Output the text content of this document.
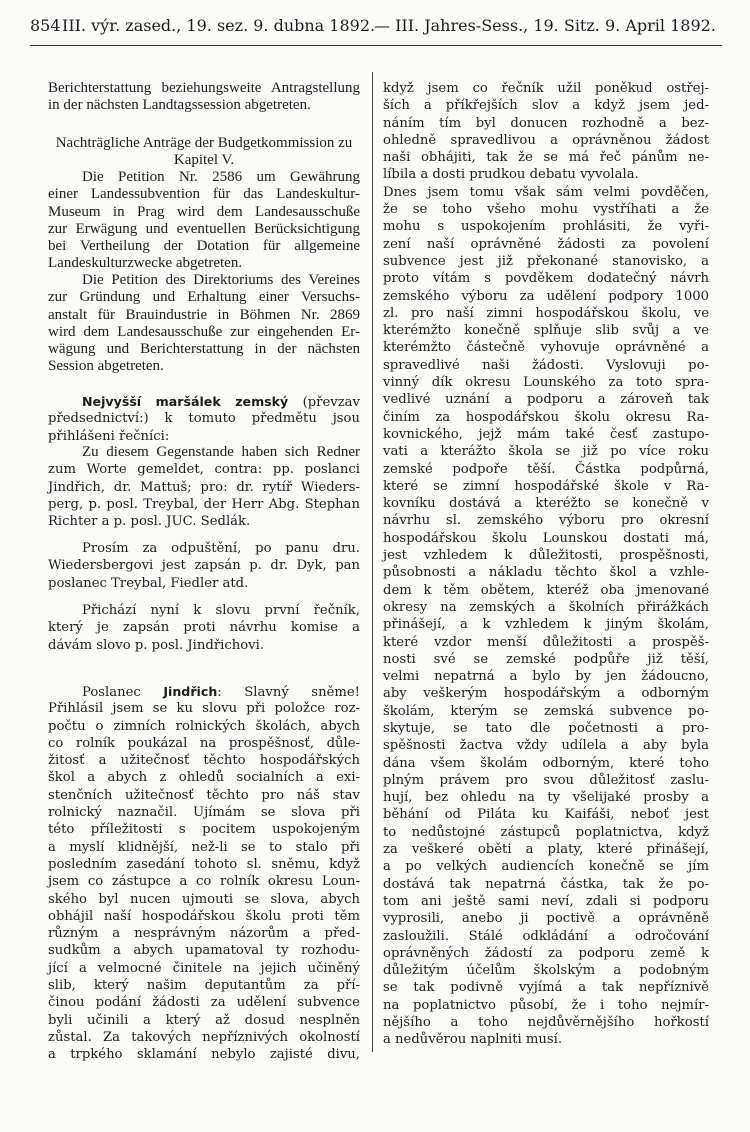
854 III. výr. zased., 19. sez. 9. dubna 1892.
— III. Jahres-Sess., 19. Sitz. 9. April 1892.
Berichterstattung beziehungsweite Antragstellung
in der nächsten Landtagssession abgetreten.
Nachträgliche Anträge der Budgetkommission zu
Kapitel V.
Die Petition Nr. 2586 um Gewährung
einer Landessubvention für das Landeskultur-
Museum in Prag wird dem Landesausschuße
zur Erwägung und eventuellen Berücksichtigung
bei Vertheilung der Dotation für allgemeine
Landeskulturzwecke abgetreten.
Die Petition des Direktoriums des Vereines
zur Gründung und Erhaltung einer Versuchs-
anstalt für Brauindustrie in Böhmen Nr. 2869
wird dem Landesausschuße zur eingehenden Er-
wägung und Berichterstattung in der nächsten
Session abgetreten.
Nejvyšší maršálek zemský (převzav
předsednictví:) k tomuto předmětu jsou
přihlášeni řečníci:
Zu diesem Gegenstande haben sich Redner
zum Worte gemeldet, contra: pp. poslanci
Jindřich, dr. Mattuš; pro: dr. rytíř Wieders-
perg, p. posl. Treybal, der Herr Abg. Stephan
Richter a p. posl. JUC. Sedlák.
Prosím za odpuštění, po panu dru.
Wiedersbergovi jest zapsán p. dr. Dyk, pan
poslanec Treybal, Fiedler atd.
Přichází nyní k slovu první řečník,
který je zapsán proti návrhu komise a
dávám slovo p. posl. Jindřichovi.
Poslanec Jindřich: Slavný sněme!
Přihlásil jsem se ku slovu při položce roz-
počtu o zimních rolnických školách, abych
co rolník poukázal na prospěšnosť, důle-
žitosť a užitečnosť těchto hospodářských
škol a abych z ohledů socialních a exi-
stenčních užitečnosť těchto pro náš stav
rolnický naznačil. Ujímám se slova při
této příležitosti s pocitem uspokojeným
a myslí klidnější, než-li se to stalo při
posledním zasedání tohoto sl. sněmu, když
jsem co zástupce a co rolník okresu Loun-
ského byl nucen ujmouti se slova, abych
obhájil naší hospodářskou školu proti těm
různým a nesprávným názorům a před-
sudkům a abych upamatoval ty rozhodu-
jící a velmocné činitele na jejich učiněný
slib, který našim deputantům za pří-
činou podání žádosti za udělení subvence
byli učinili a který až dosud nesplněn
zůstal. Za takových nepříznivých okolností
a trpkého sklamání nebylo zajisté divu,
když jsem co řečník užil poněkud ostřej-
ších a příkřejších slov a když jsem jed-
náním tím byl donucen rozhodně a bez-
ohledně spravedlivou a oprávněnou žádost
naši obhájiti, tak že se má řeč pánům ne-
líbila a dosti prudkou debatu vyvolala.
Dnes jsem tomu však sám velmi povděčen,
že se toho všeho mohu vystříhati a že
mohu s uspokojením prohlásiti, že vyři-
zení naší oprávněné žádosti za povolení
subvence jest již překonané stanovisko, a
proto vítám s povděkem dodatečný návrh
zemského výboru za udělení podpory 1000
zl. pro naší zimni hospodářskou školu, ve
kterémžto konečně splňuje slib svůj a ve
kterémžto částečně vyhovuje oprávněné a
spravedlivé naši žádosti. Vyslovuji po-
vinný dík okresu Lounského za toto spra-
vedlivé uznání a podporu a zároveň tak
činím za hospodářskou školu okresu Ra-
kovnického, jejž mám také česť zastupo-
vati a kterážto škola se již po více roku
zemské podpoře těší. Částka podpůrná,
které se zimní hospodářské škole v Ra-
kovníku dostává a kteréžto se konečně v
návrhu sl. zemského výboru pro okresní
hospodářskou školu Lounskou dostati má,
jest vzhledem k důležitosti, prospěšnosti,
působnosti a nákladu těchto škol a vzhle-
dem k těm obětem, kteréž oba jmenované
okresy na zemských a školních přirážkách
přinášejí, a k vzhledem k jiným školám,
které vzdor menší důležitosti a prospěš-
nosti své se zemské podpůře již těší,
velmi nepatrná a bylo by jen žádoucno,
aby veškerým hospodářským a odborným
školám, kterým se zemská subvence po-
skytuje, se tato dle početnosti a pro-
spěšnosti žactva vždy udílela a aby byla
dána všem školám odborným, které toho
plným právem pro svou důležitosť zaslu-
hují, bez ohledu na ty všelijaké prosby a
běhání od Piláta ku Kaifáši, neboť jest
to nedůstojné zástupců poplatnictva, když
za veškeré oběti a platy, které přinášejí,
a po velkých audiencích konečně se jím
dostává tak nepatrná částka, tak že po-
tom ani ještě sami neví, zdali si podporu
vyprosili, anebo ji poctivě a oprávněně
zasloužili. Stálé odkládání a odročování
oprávněných žádostí za podporu země k
důležitým účelům školským a podobným
se tak podivně vyjímá a tak nepříznivě
na poplatnictvo působí, že i toho nejmír-
nějšího a toho nejdůvěrnějšího hořkostí
a nedůvěrou naplniti musí.
